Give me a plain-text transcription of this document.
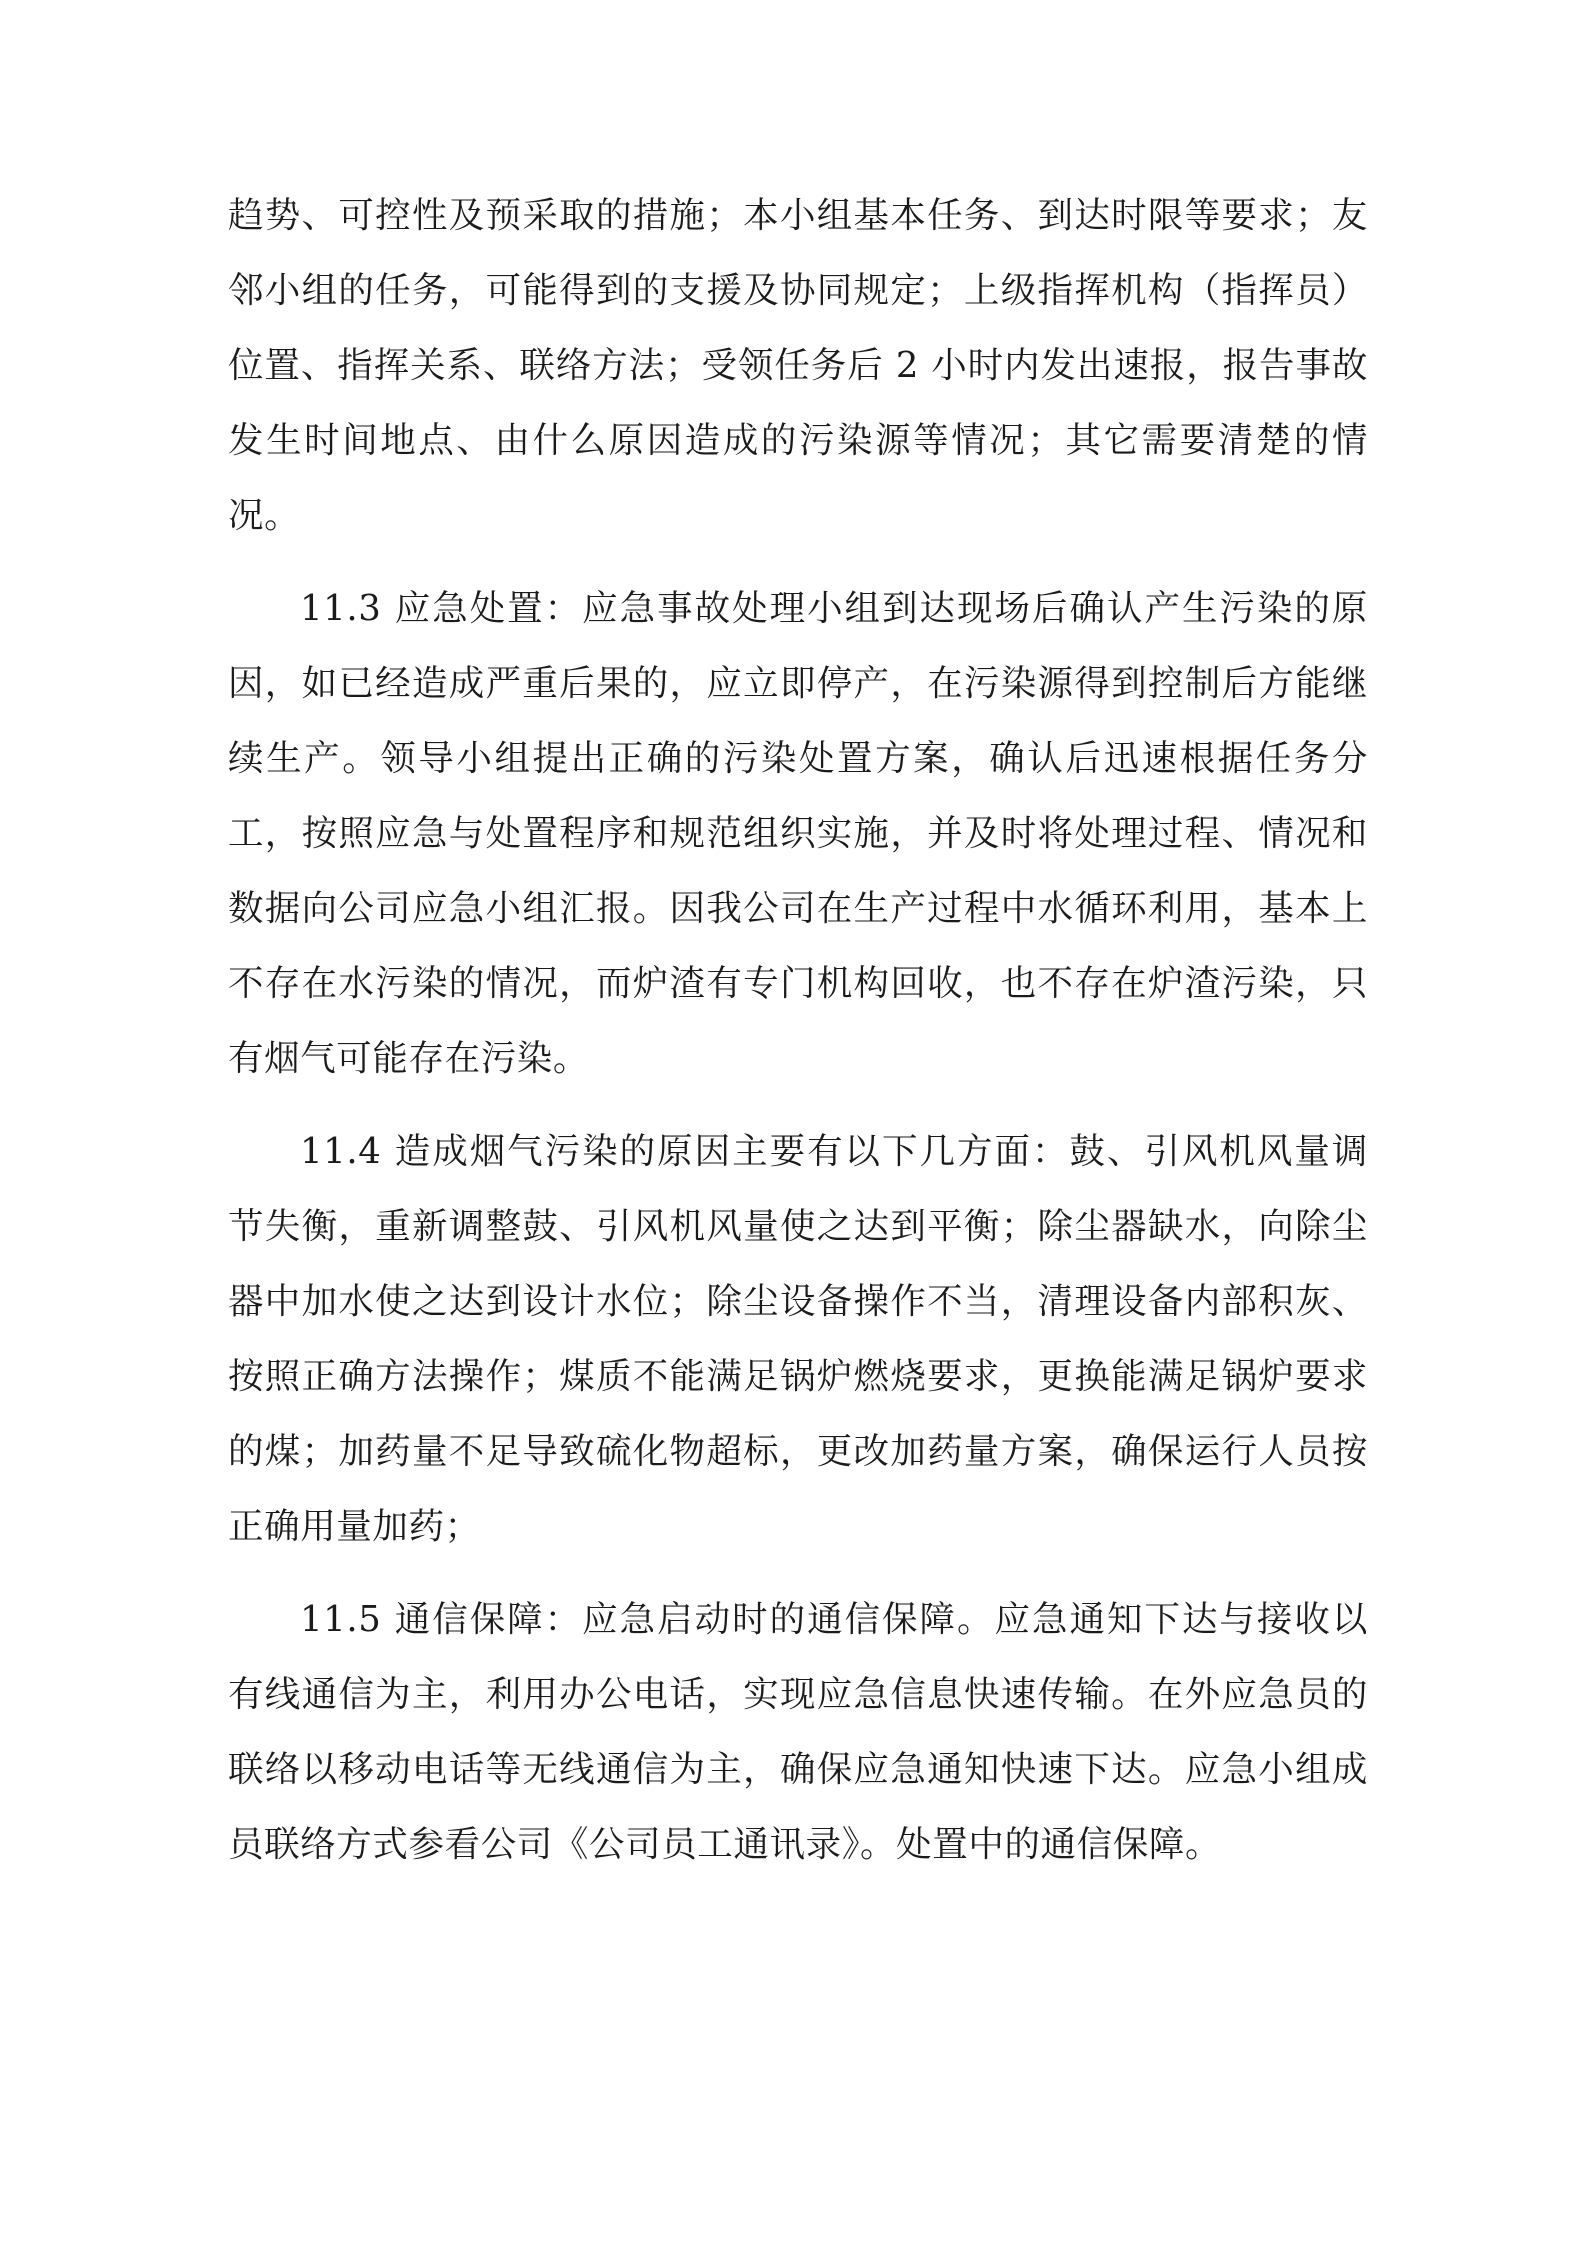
趋势、可控性及预采取的措施；本小组基本任务、到达时限等要求；友邻小组的任务，可能得到的支援及协同规定；上级指挥机构（指挥员）位置、指挥关系、联络方法；受领任务后 2 小时内发出速报，报告事故发生时间地点、由什么原因造成的污染源等情况；其它需要清楚的情况。

11.3 应急处置：应急事故处理小组到达现场后确认产生污染的原因，如已经造成严重后果的，应立即停产，在污染源得到控制后方能继续生产。领导小组提出正确的污染处置方案，确认后迅速根据任务分工，按照应急与处置程序和规范组织实施，并及时将处理过程、情况和数据向公司应急小组汇报。因我公司在生产过程中水循环利用，基本上不存在水污染的情况，而炉渣有专门机构回收，也不存在炉渣污染，只有烟气可能存在污染。

11.4 造成烟气污染的原因主要有以下几方面：鼓、引风机风量调节失衡，重新调整鼓、引风机风量使之达到平衡；除尘器缺水，向除尘器中加水使之达到设计水位；除尘设备操作不当，清理设备内部积灰、按照正确方法操作；煤质不能满足锅炉燃烧要求，更换能满足锅炉要求的煤；加药量不足导致硫化物超标，更改加药量方案，确保运行人员按正确用量加药；

11.5 通信保障：应急启动时的通信保障。应急通知下达与接收以有线通信为主，利用办公电话，实现应急信息快速传输。在外应急员的联络以移动电话等无线通信为主，确保应急通知快速下达。应急小组成员联络方式参看公司《公司员工通讯录》。处置中的通信保障。
